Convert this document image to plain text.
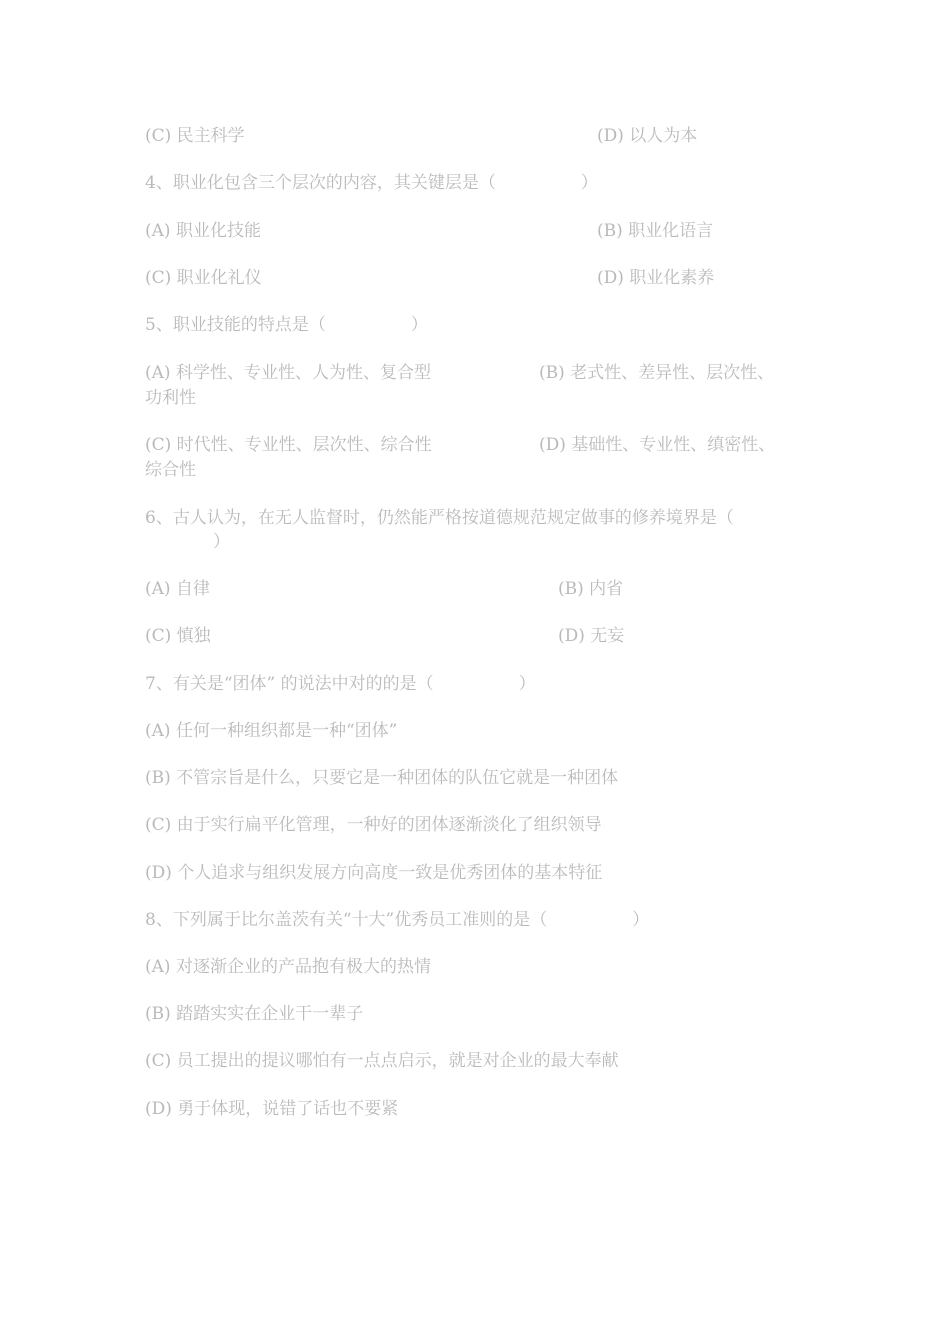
(C) 民主科学	(D) 以人为本
4、职业化包含三个层次的内容，其关键层是（　　　　　）
(A) 职业化技能	(B) 职业化语言
(C) 职业化礼仪	(D) 职业化素养
5、职业技能的特点是（　　　　　）
(A) 科学性、专业性、人为性、复合型	(B) 老式性、差异性、层次性、
功利性
(C) 时代性、专业性、层次性、综合性	(D) 基础性、专业性、缜密性、
综合性
6、古人认为，在无人监督时，仍然能严格按道德规范规定做事的修养境界是（
　　　　）
(A) 自律	(B) 内省
(C) 慎独	(D) 无妄
7、有关是“团体” 的说法中对的的是（　　　　　）
(A) 任何一种组织都是一种“团体”
(B) 不管宗旨是什么，只要它是一种团体的队伍它就是一种团体
(C) 由于实行扁平化管理，一种好的团体逐渐淡化了组织领导
(D) 个人追求与组织发展方向高度一致是优秀团体的基本特征
8、下列属于比尔盖茨有关“十大”优秀员工准则的是（　　　　　）
(A) 对逐渐企业的产品抱有极大的热情
(B) 踏踏实实在企业干一辈子
(C) 员工提出的提议哪怕有一点点启示，就是对企业的最大奉献
(D) 勇于体现，说错了话也不要紧
